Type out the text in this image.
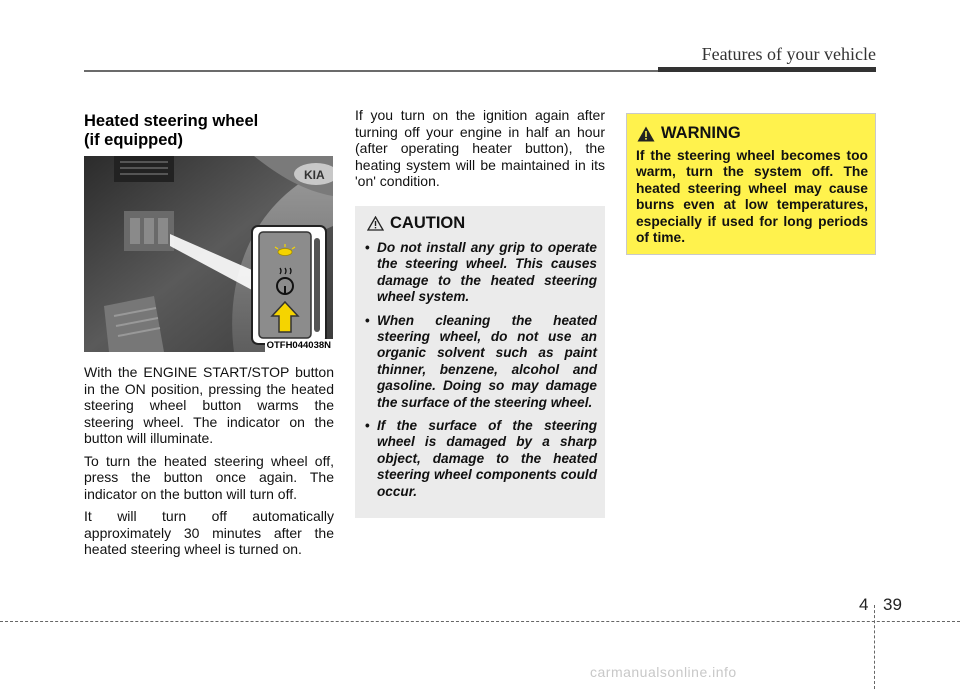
Features of your vehicle
Heated steering wheel
(if equipped)
KIA
OTFH044038N

With the ENGINE START/STOP button in the ON position, pressing the heated steering wheel button warms the steering wheel. The indicator on the button will illuminate.

To turn the heated steering wheel off, press the button once again. The indicator on the button will turn off.

It will turn off automatically approximately 30 minutes after the heated steering wheel is turned on.

If you turn on the ignition again after turning off your engine in half an hour (after operating heater button), the heating system will be maintained in its 'on' condition.

CAUTION
• Do not install any grip to operate the steering wheel. This causes damage to the heated steering wheel system.
• When cleaning the heated steering wheel, do not use an organic solvent such as paint thinner, benzene, alcohol and gasoline. Doing so may damage the surface of the steering wheel.
• If the surface of the steering wheel is damaged by a sharp object, damage to the heated steering wheel components could occur.
WARNING

If the steering wheel becomes too warm, turn the system off. The heated steering wheel may cause burns even at low temperatures, especially if used for long periods of time.

4 39
carmanualsonline.info
